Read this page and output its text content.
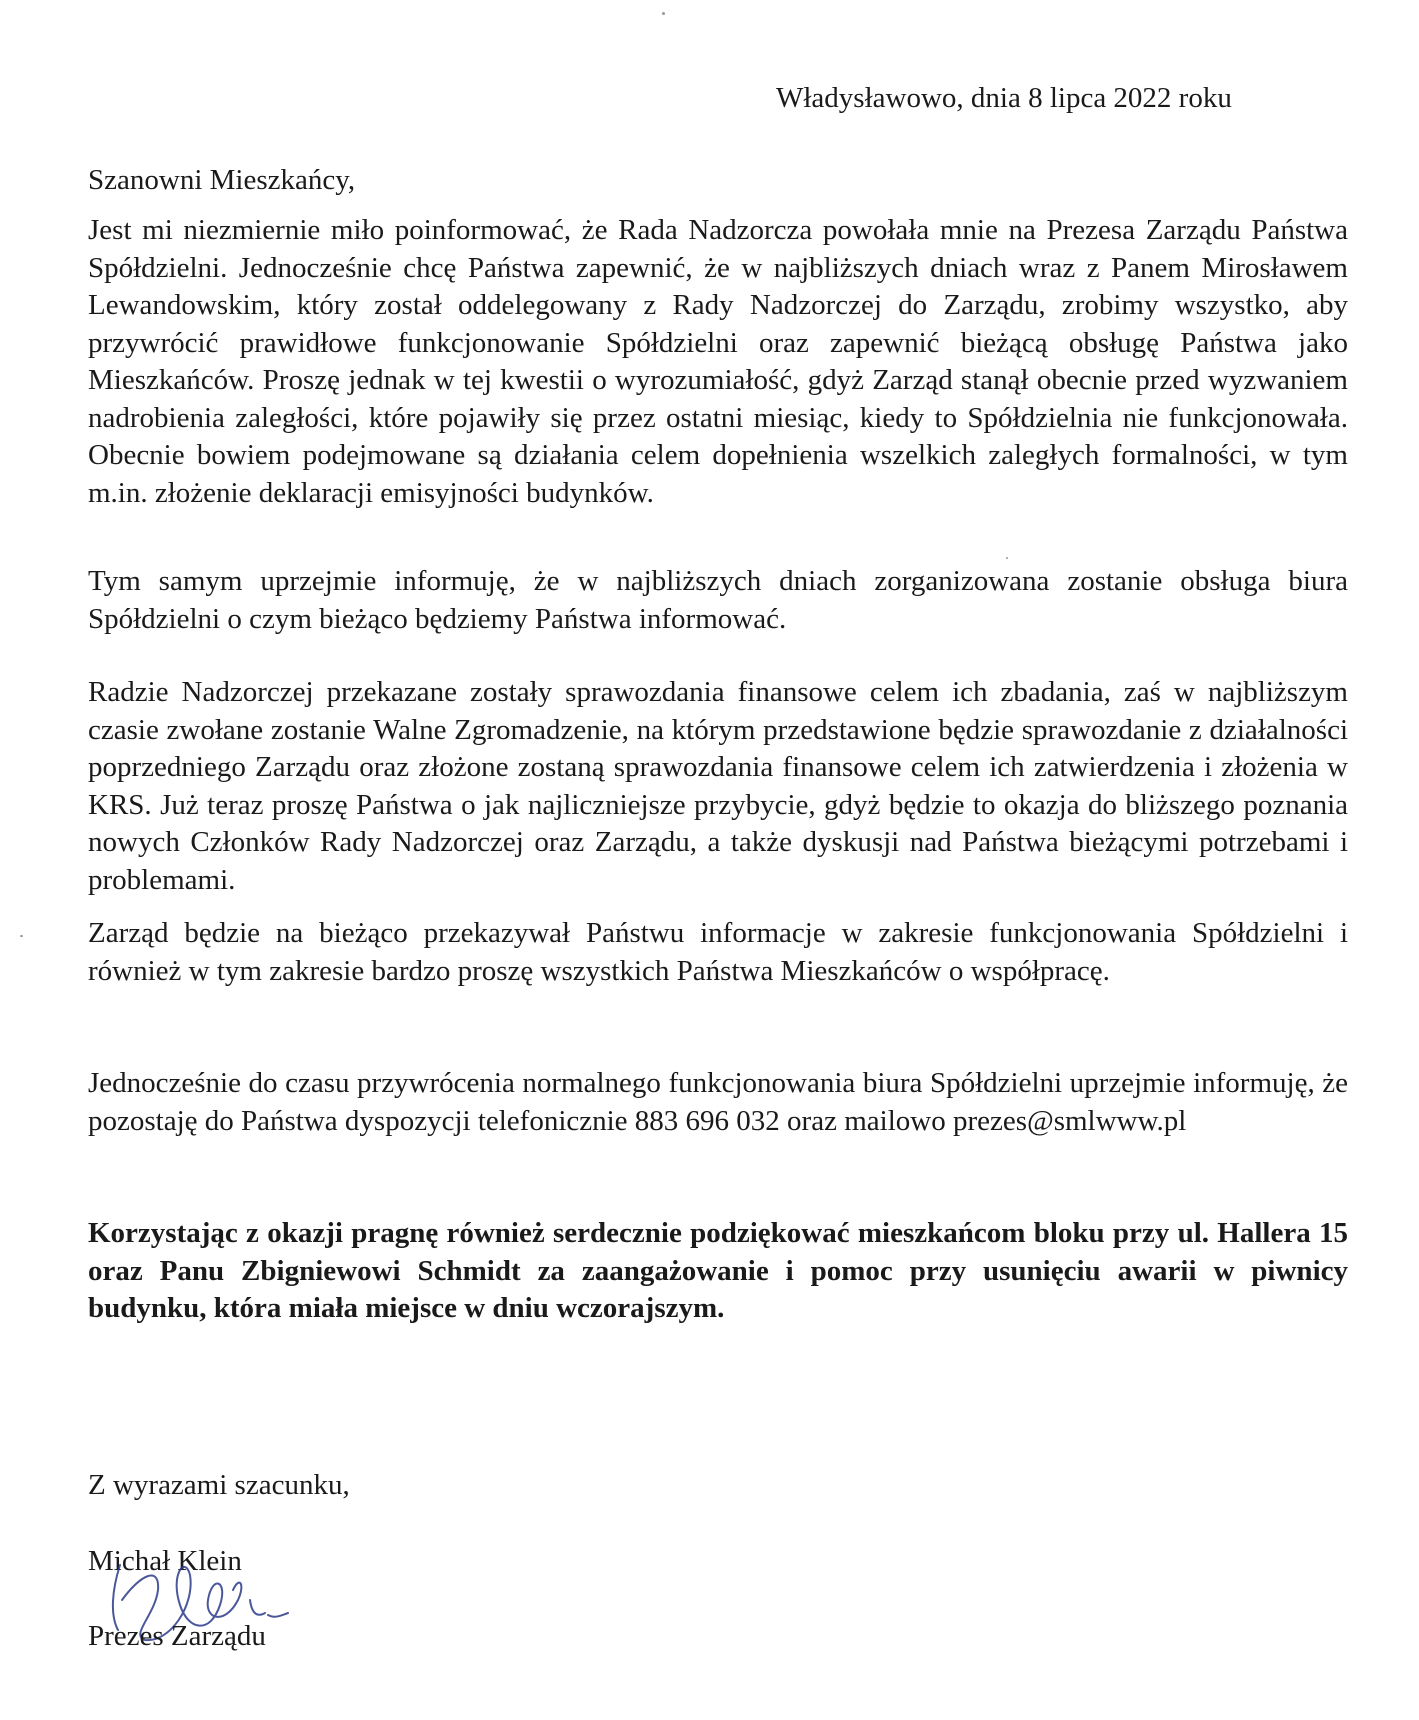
Władysławowo, dnia 8 lipca 2022 roku
Szanowni Mieszkańcy,

Jest mi niezmiernie miło poinformować, że Rada Nadzorcza powołała mnie na Prezesa Zarządu Państwa Spółdzielni. Jednocześnie chcę Państwa zapewnić, że w najbliższych dniach wraz z Panem Mirosławem Lewandowskim, który został oddelegowany z Rady Nadzorczej do Zarządu, zrobimy wszystko, aby przywrócić prawidłowe funkcjonowanie Spółdzielni oraz zapewnić bieżącą obsługę Państwa jako Mieszkańców. Proszę jednak w tej kwestii o wyrozumiałość, gdyż Zarząd stanął obecnie przed wyzwaniem nadrobienia zaległości, które pojawiły się przez ostatni miesiąc, kiedy to Spółdzielnia nie funkcjonowała. Obecnie bowiem podejmowane są działania celem dopełnienia wszelkich zaległych formalności, w tym m.in. złożenie deklaracji emisyjności budynków.

Tym samym uprzejmie informuję, że w najbliższych dniach zorganizowana zostanie obsługa biura Spółdzielni o czym bieżąco będziemy Państwa informować.

Radzie Nadzorczej przekazane zostały sprawozdania finansowe celem ich zbadania, zaś w najbliższym czasie zwołane zostanie Walne Zgromadzenie, na którym przedstawione będzie sprawozdanie z działalności poprzedniego Zarządu oraz złożone zostaną sprawozdania finansowe celem ich zatwierdzenia i złożenia w KRS. Już teraz proszę Państwa o jak najliczniejsze przybycie, gdyż będzie to okazja do bliższego poznania nowych Członków Rady Nadzorczej oraz Zarządu, a także dyskusji nad Państwa bieżącymi potrzebami i problemami.

Zarząd będzie na bieżąco przekazywał Państwu informacje w zakresie funkcjonowania Spółdzielni i również w tym zakresie bardzo proszę wszystkich Państwa Mieszkańców o współpracę.

Jednocześnie do czasu przywrócenia normalnego funkcjonowania biura Spółdzielni uprzejmie informuję, że pozostaję do Państwa dyspozycji telefonicznie 883 696 032 oraz mailowo prezes@smlwww.pl

Korzystając z okazji pragnę również serdecznie podziękować mieszkańcom bloku przy ul. Hallera 15 oraz Panu Zbigniewowi Schmidt za zaangażowanie i pomoc przy usunięciu awarii w piwnicy budynku, która miała miejsce w dniu wczorajszym.

Z wyrazami szacunku,
Michał Klein
Prezes Zarządu
